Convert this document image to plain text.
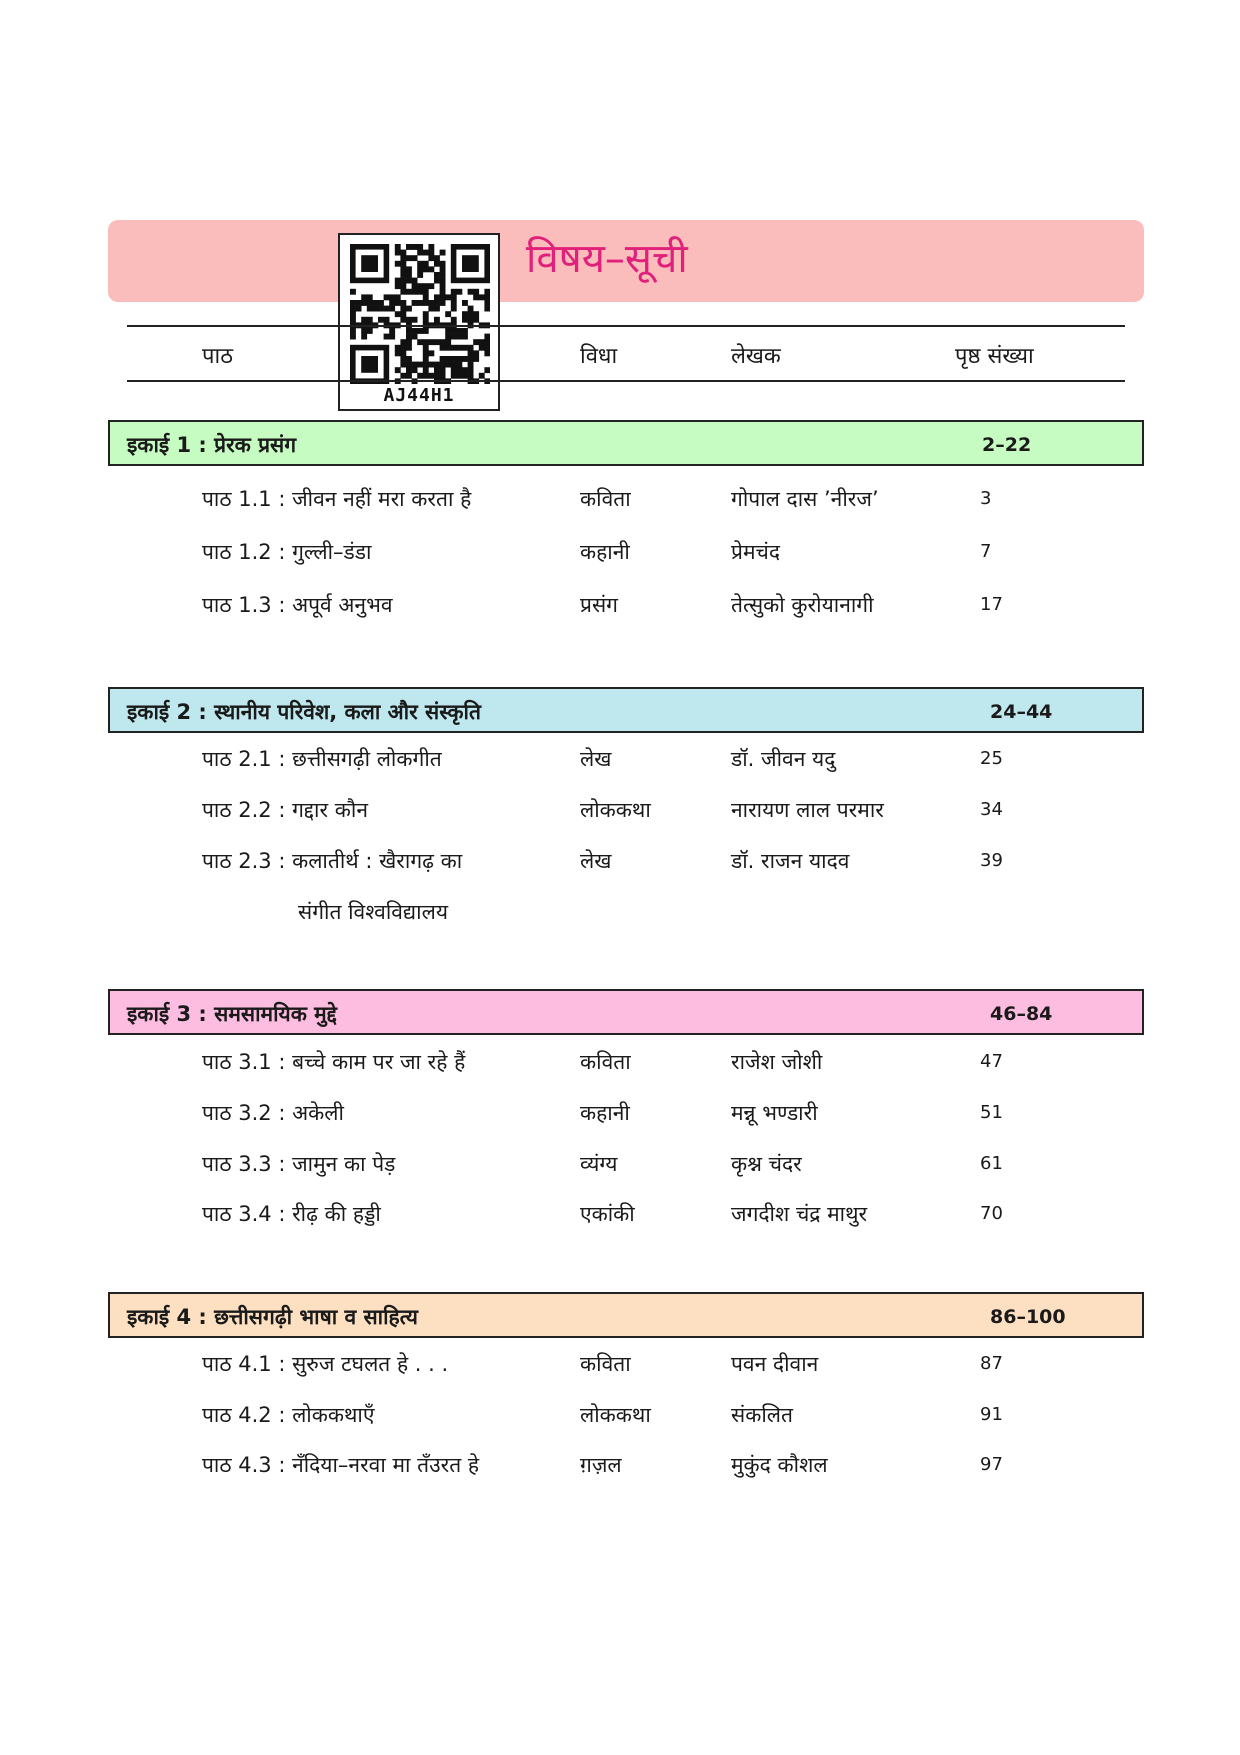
विषय–सूची
AJ44H1
पाठ	विधा	लेखक	पृष्ठ संख्या
इकाई 1 : प्रेरक प्रसंग	2–22
पाठ 1.1 : जीवन नहीं मरा करता है	कविता	गोपाल दास ’नीरज’	3
पाठ 1.2 : गुल्ली–डंडा	कहानी	प्रेमचंद	7
पाठ 1.3 : अपूर्व अनुभव	प्रसंग	तेत्सुको कुरोयानागी	17
इकाई 2 : स्थानीय परिवेश, कला और संस्कृति	24–44
पाठ 2.1 : छत्तीसगढ़ी लोकगीत	लेख	डॉ. जीवन यदु	25
पाठ 2.2 : गद्दार कौन	लोककथा	नारायण लाल परमार	34
पाठ 2.3 : कलातीर्थ : खैरागढ़ का	लेख	डॉ. राजन यादव	39
संगीत विश्वविद्यालय
इकाई 3 : समसामयिक मुद्दे	46–84
पाठ 3.1 : बच्चे काम पर जा रहे हैं	कविता	राजेश जोशी	47
पाठ 3.2 : अकेली	कहानी	मन्नू भण्डारी	51
पाठ 3.3 : जामुन का पेड़	व्यंग्य	कृश्न चंदर	61
पाठ 3.4 : रीढ़ की हड्डी	एकांकी	जगदीश चंद्र माथुर	70
इकाई 4 : छत्तीसगढ़ी भाषा व साहित्य	86–100
पाठ 4.1 : सुरुज टघलत हे . . .	कविता	पवन दीवान	87
पाठ 4.2 : लोककथाएँ	लोककथा	संकलित	91
पाठ 4.3 : नँदिया–नरवा मा तँउरत हे	ग़ज़ल	मुकुंद कौशल	97
